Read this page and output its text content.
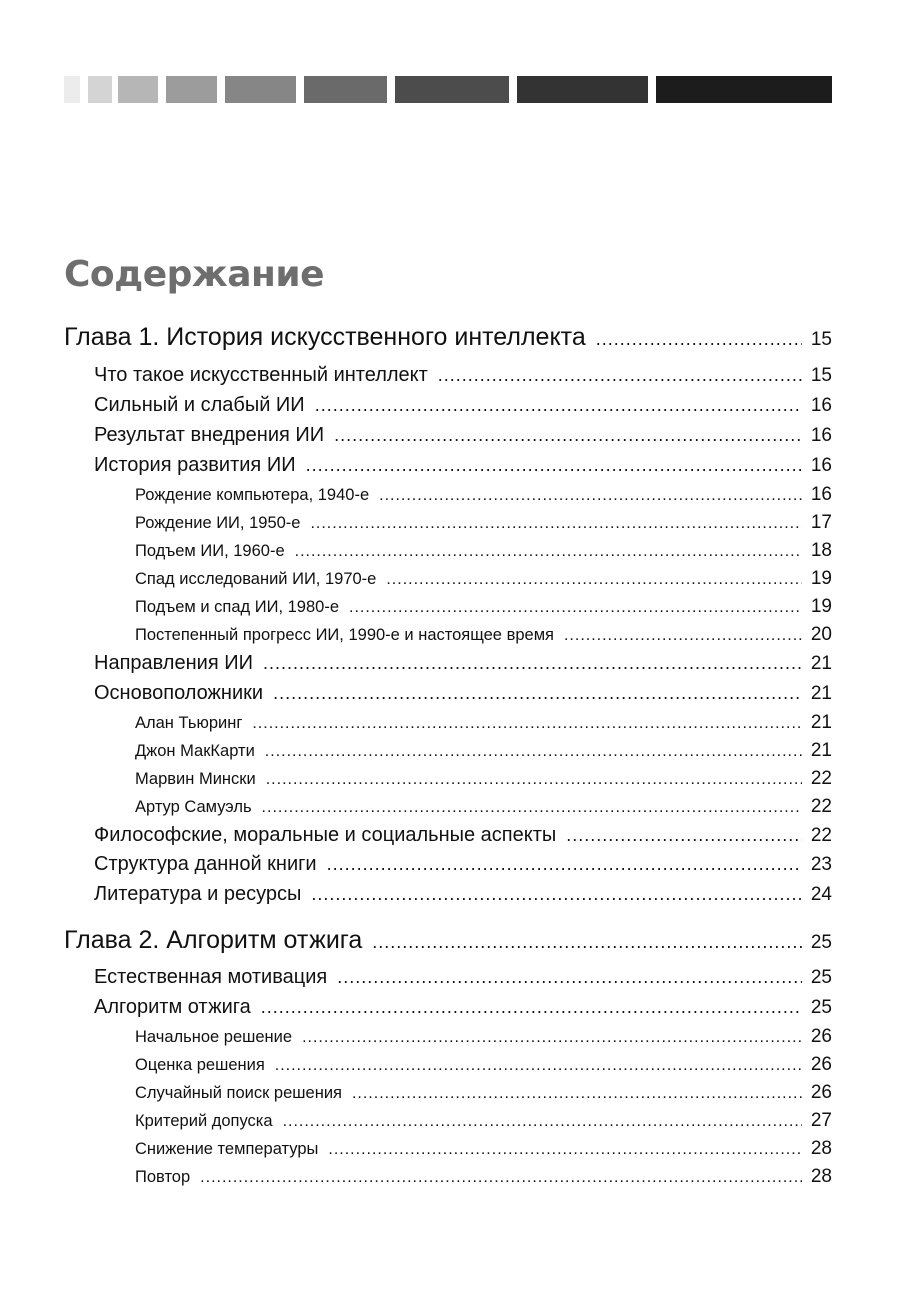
Содержание
Глава 1. История искусственного интеллекта .....	15
Что такое искусственный интеллект .....	15
Сильный и слабый ИИ .....	16
Результат внедрения ИИ .....	16
История развития ИИ .....	16
Рождение компьютера, 1940-е .....	16
Рождение ИИ, 1950-е .....	17
Подъем ИИ, 1960-е .....	18
Спад исследований ИИ, 1970-е .....	19
Подъем и спад ИИ, 1980-е .....	19
Постепенный прогресс ИИ, 1990-е и настоящее время .....	20
Направления ИИ .....	21
Основоположники .....	21
Алан Тьюринг .....	21
Джон МакКарти .....	21
Марвин Мински .....	22
Артур Самуэль .....	22
Философские, моральные и социальные аспекты .....	22
Структура данной книги .....	23
Литература и ресурсы .....	24
Глава 2. Алгоритм отжига .....	25
Естественная мотивация .....	25
Алгоритм отжига .....	25
Начальное решение .....	26
Оценка решения .....	26
Случайный поиск решения .....	26
Критерий допуска .....	27
Снижение температуры .....	28
Повтор .....	28
